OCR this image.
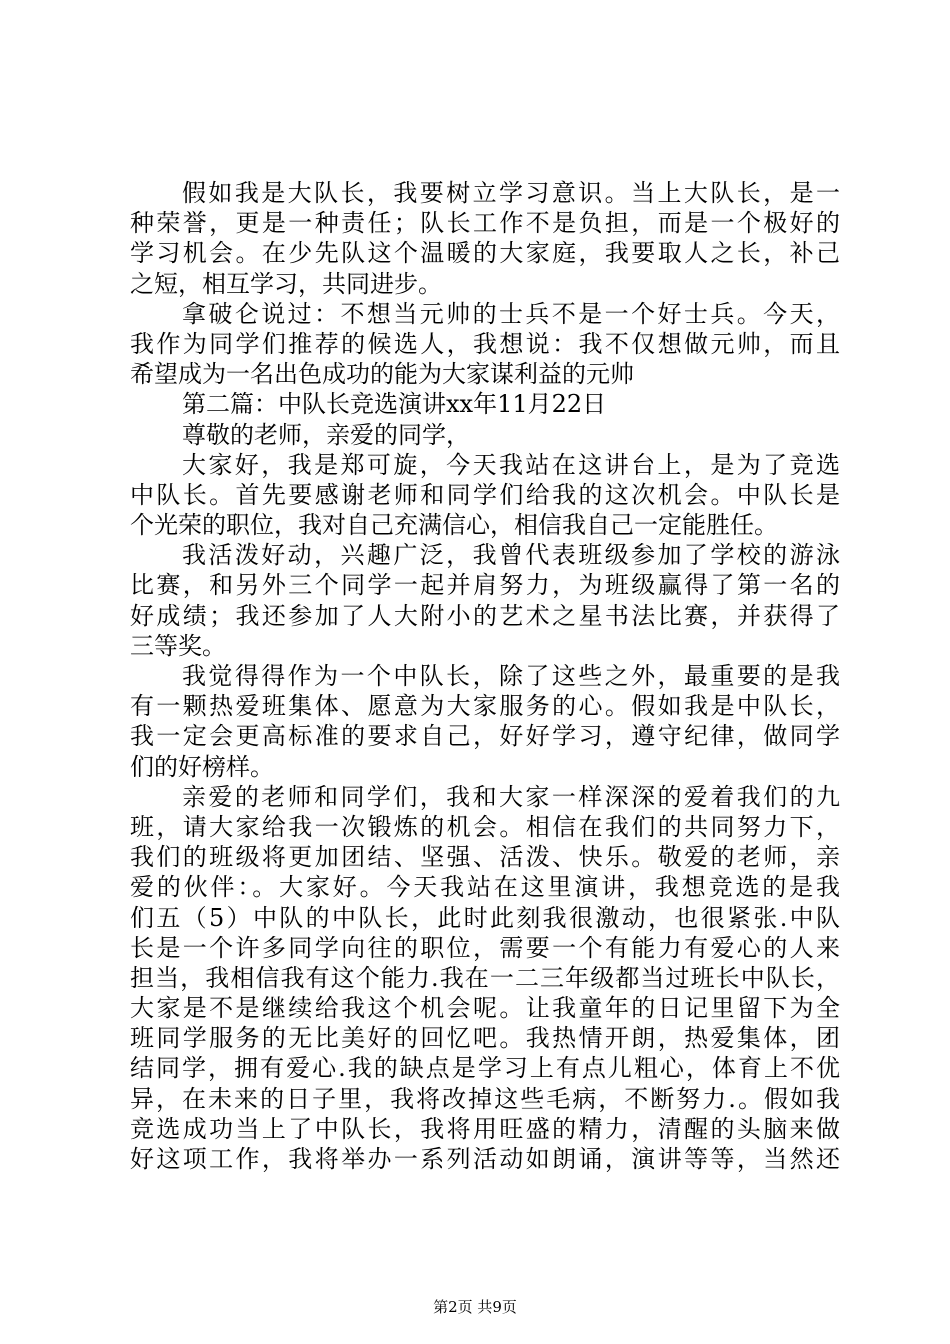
假如我是大队长，我要树立学习意识。当上大队长，是一
种荣誉，更是一种责任；队长工作不是负担，而是一个极好的
学习机会。在少先队这个温暖的大家庭，我要取人之长，补己
之短，相互学习，共同进步。
拿破仑说过：不想当元帅的士兵不是一个好士兵。今天，
我作为同学们推荐的候选人，我想说：我不仅想做元帅，而且
希望成为一名出色成功的能为大家谋利益的元帅
第二篇：中队长竞选演讲xx年11月22日
尊敬的老师，亲爱的同学，
大家好，我是郑可旋，今天我站在这讲台上，是为了竞选
中队长。首先要感谢老师和同学们给我的这次机会。中队长是
个光荣的职位，我对自己充满信心，相信我自己一定能胜任。
我活泼好动，兴趣广泛，我曾代表班级参加了学校的游泳
比赛，和另外三个同学一起并肩努力，为班级赢得了第一名的
好成绩；我还参加了人大附小的艺术之星书法比赛，并获得了
三等奖。
我觉得得作为一个中队长，除了这些之外，最重要的是我
有一颗热爱班集体、愿意为大家服务的心。假如我是中队长，
我一定会更高标准的要求自己，好好学习，遵守纪律，做同学
们的好榜样。
亲爱的老师和同学们，我和大家一样深深的爱着我们的九
班，请大家给我一次锻炼的机会。相信在我们的共同努力下，
我们的班级将更加团结、坚强、活泼、快乐。敬爱的老师，亲
爱的伙伴：。大家好。今天我站在这里演讲，我想竞选的是我
们五（5）中队的中队长，此时此刻我很激动，也很紧张.中队
长是一个许多同学向往的职位，需要一个有能力有爱心的人来
担当，我相信我有这个能力.我在一二三年级都当过班长中队长，
大家是不是继续给我这个机会呢。让我童年的日记里留下为全
班同学服务的无比美好的回忆吧。我热情开朗，热爱集体，团
结同学，拥有爱心.我的缺点是学习上有点儿粗心，体育上不优
异，在未来的日子里，我将改掉这些毛病，不断努力.。假如我
竞选成功当上了中队长，我将用旺盛的精力，清醒的头脑来做
好这项工作，我将举办一系列活动如朗诵，演讲等等，当然还
第2页 共9页
